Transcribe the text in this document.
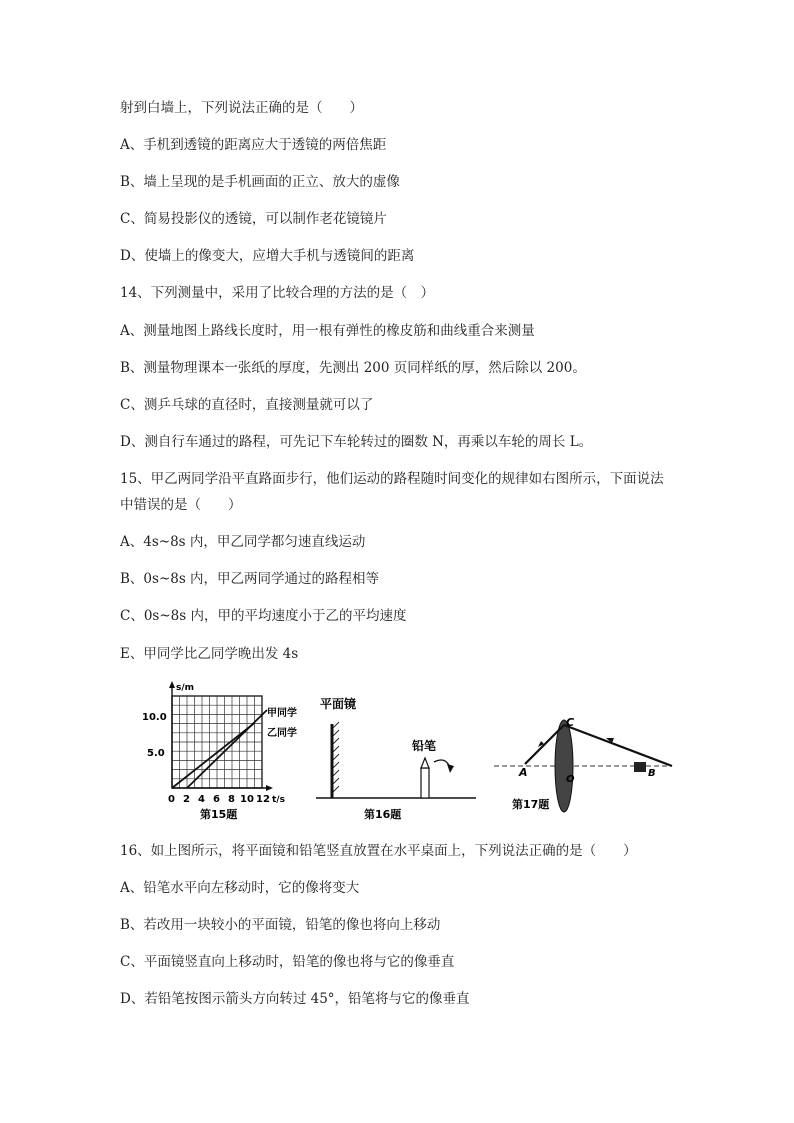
射到白墙上，下列说法正确的是（　　）
A、手机到透镜的距离应大于透镜的两倍焦距
B、墙上呈现的是手机画面的正立、放大的虚像
C、简易投影仪的透镜，可以制作老花镜镜片
D、使墙上的像变大，应增大手机与透镜间的距离
14、下列测量中，采用了比较合理的方法的是（　）
A、测量地图上路线长度时，用一根有弹性的橡皮筋和曲线重合来测量
B、测量物理课本一张纸的厚度，先测出 200 页同样纸的厚，然后除以 200。
C、测乒乓球的直径时，直接测量就可以了
D、测自行车通过的路程，可先记下车轮转过的圈数 N，再乘以车轮的周长 L。
15、甲乙两同学沿平直路面步行，他们运动的路程随时间变化的规律如右图所示，下面说法
中错误的是（　　）
A、4s~8s 内，甲乙同学都匀速直线运动
B、0s~8s 内，甲乙两同学通过的路程相等
C、0s~8s 内，甲的平均速度小于乙的平均速度
E、甲同学比乙同学晚出发 4s
s/m
10.0
5.0
0 2 4 6 8 10 12 t/s
甲同学
乙同学
第15题
平面镜
铅笔
第16题
A
C
O
B
第17题
16、如上图所示，将平面镜和铅笔竖直放置在水平桌面上，下列说法正确的是（　　）
A、铅笔水平向左移动时，它的像将变大
B、若改用一块较小的平面镜，铅笔的像也将向上移动
C、平面镜竖直向上移动时，铅笔的像也将与它的像垂直
D、若铅笔按图示箭头方向转过 45°，铅笔将与它的像垂直
